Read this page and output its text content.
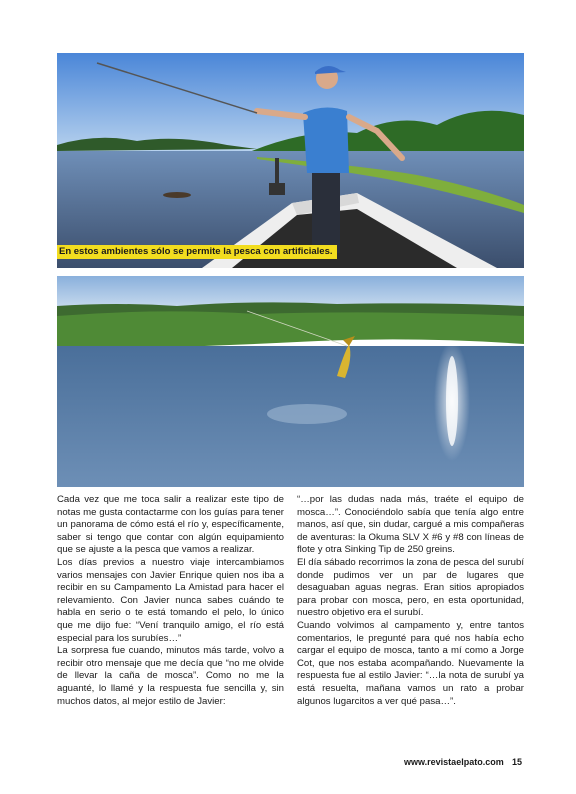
En estos ambientes sólo se permite la pesca con artificiales.

Cada vez que me toca salir a realizar este tipo de notas me gusta contactarme con los guías para tener un panorama de cómo está el río y, específicamente, saber si tengo que contar con algún equipamiento que se ajuste a la pesca que vamos a realizar.

Los días previos a nuestro viaje intercambiamos varios mensajes con Javier Enrique quien nos iba a recibir en su Campamento La Amistad para hacer el relevamiento. Con Javier nunca sabes cuándo te habla en serio o te está tomando el pelo, lo único que me dijo fue: “Vení tranquilo amigo, el río está especial para los surubíes…”

La sorpresa fue cuando, minutos más tarde, volvo a recibir otro mensaje que me decía que “no me olvide de llevar la caña de mosca”. Como no me la aguanté, lo llamé y la respuesta fue sencilla y, sin muchos datos, al mejor estilo de Javier:

“…por las dudas nada más, traéte el equipo de mosca…”. Conociéndolo sabía que tenía algo entre manos, así que, sin dudar, cargué a mis compañeras de aventuras: la Okuma SLV X #6 y #8 con líneas de flote y otra Sinking Tip de 250 greins.

El día sábado recorrimos la zona de pesca del surubí donde pudimos ver un par de lugares que desaguaban aguas negras. Eran sitios apropiados para probar con mosca, pero, en esta oportunidad, nuestro objetivo era el surubí.

Cuando volvimos al campamento y, entre tantos comentarios, le pregunté para qué nos había echo cargar el equipo de mosca, tanto a mí como a Jorge Cot, que nos estaba acompañando. Nuevamente la respuesta fue al estilo Javier: “…la nota de surubí ya está resuelta, mañana vamos un rato a probar algunos lugarcitos a ver qué pasa…”.

www.revistaelpato.com 15
